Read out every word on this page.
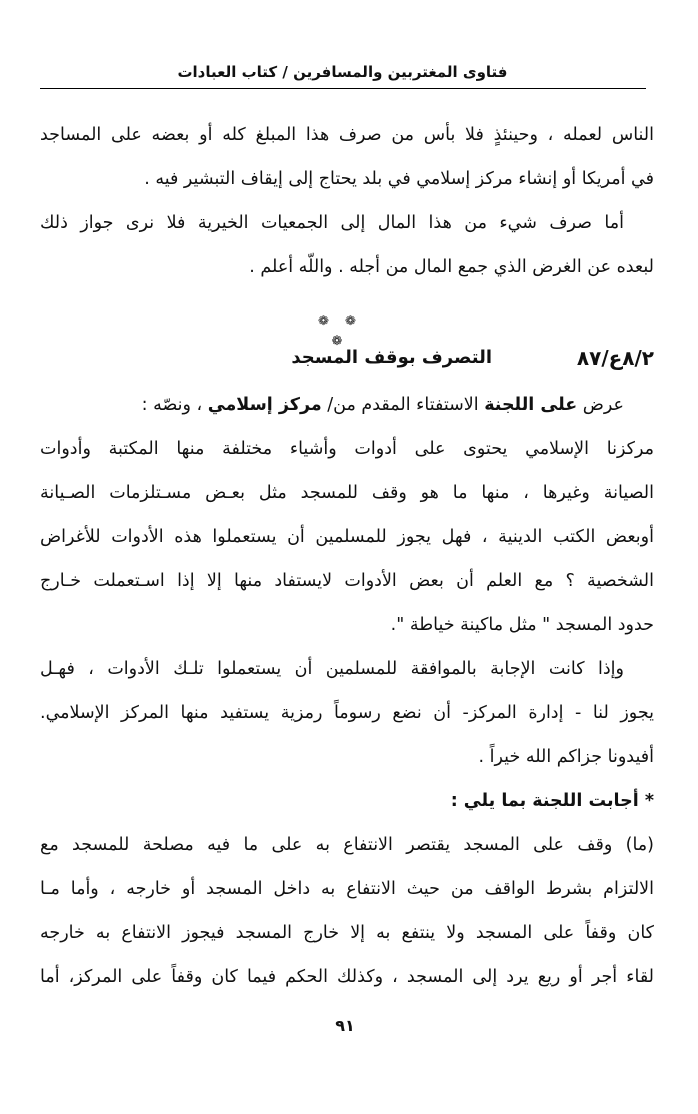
فتاوى المغتربين والمسافرين / كتاب العبادات
الناس لعمله ، وحينئذٍ فلا بأس من صرف هذا المبلغ كله أو بعضه على المساجد
في أمريكا أو إنشاء مركز إسلامي في بلد يحتاج إلى إيقاف التبشير فيه .
أما صرف شيء من هذا المال إلى الجمعيات الخيرية فلا نرى جواز ذلك
لبعده عن الغرض الذي جمع المال من أجله . واللّه أعلم .
❁ ❁ ❁
٨/٢ع/٨٧
التصرف بوقف المسجد
عرض على اللجنة الاستفتاء المقدم من/ مركز إسلامي ، ونصّه :
مركزنا الإسلامي يحتوى على أدوات وأشياء مختلفة منها المكتبة وأدوات
الصيانة وغيرها ، منها ما هو وقف للمسجد مثل بعـض مسـتلزمات الصـيانة
أوبعض الكتب الدينية ، فهل يجوز للمسلمين أن يستعملوا هذه الأدوات للأغراض
الشخصية ؟ مع العلم أن بعض الأدوات لايستفاد منها إلا إذا اسـتعملت خـارج
حدود المسجد " مثل ماكينة خياطة ".
وإذا كانت الإجابة بالموافقة للمسلمين أن يستعملوا تلـك الأدوات ، فهـل
يجوز لنا - إدارة المركز- أن نضع رسوماً رمزية يستفيد منها المركز الإسلامي.
أفيدونا جزاكم الله خيراً .
* أجابت اللجنة بما يلي :
(ما) وقف على المسجد يقتصر الانتفاع به على ما فيه مصلحة للمسجد مع
الالتزام بشرط الواقف من حيث الانتفاع به داخل المسجد أو خارجه ، وأما مـا
كان وقفاً على المسجد ولا ينتفع به إلا خارج المسجد فيجوز الانتفاع به خارجه
لقاء أجر أو ريع يرد إلى المسجد ، وكذلك الحكم فيما كان وقفاً على المركز، أما
٩١
